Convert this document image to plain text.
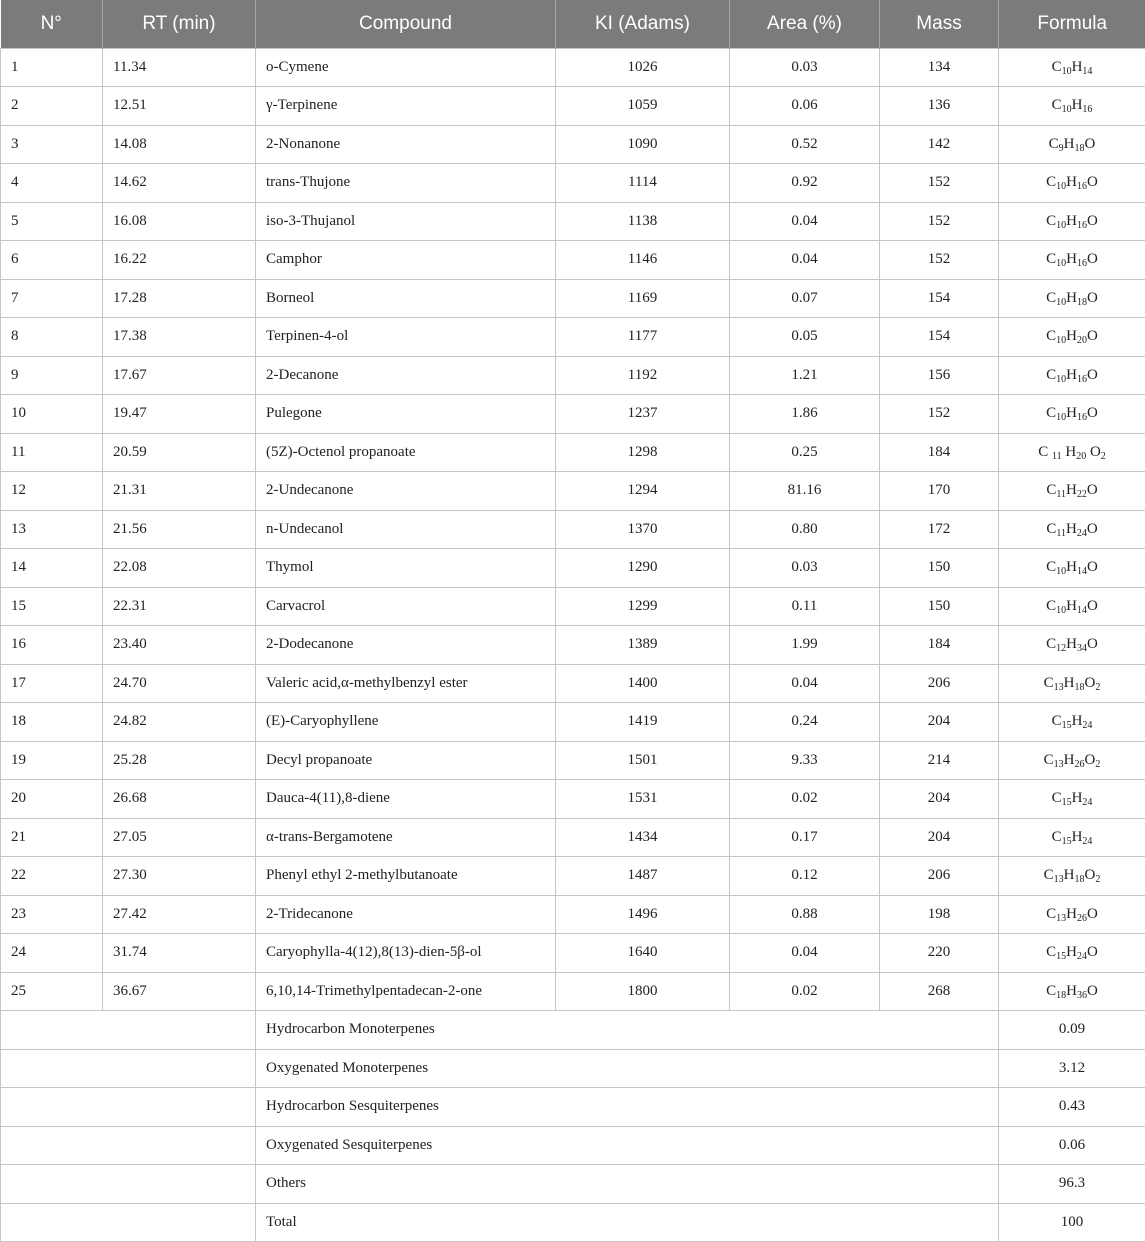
N°	RT (min)	Compound	KI (Adams)	Area (%)	Mass	Formula
1	11.34	o-Cymene	1026	0.03	134	$C_{10}H_{14}$
2	12.51	γ-Terpinene	1059	0.06	136	$C_{10}H_{16}$
3	14.08	2-Nonanone	1090	0.52	142	$C_9H_{18}O$
4	14.62	trans-Thujone	1114	0.92	152	$C_{10}H_{16}O$
5	16.08	iso-3-Thujanol	1138	0.04	152	$C_{10}H_{16}O$
6	16.22	Camphor	1146	0.04	152	$C_{10}H_{16}O$
7	17.28	Borneol	1169	0.07	154	$C_{10}H_{18}O$
8	17.38	Terpinen-4-ol	1177	0.05	154	$C_{10}H_{20}O$
9	17.67	2-Decanone	1192	1.21	156	$C_{10}H_{16}O$
10	19.47	Pulegone	1237	1.86	152	$C_{10}H_{16}O$
11	20.59	(5Z)-Octenol propanoate	1298	0.25	184	C $_{11}$ $H_{20}$ $O_2$
12	21.31	2-Undecanone	1294	81.16	170	$C_{11}H_{22}O$
13	21.56	n-Undecanol	1370	0.80	172	$C_{11}H_{24}O$
14	22.08	Thymol	1290	0.03	150	$C_{10}H_{14}O$
15	22.31	Carvacrol	1299	0.11	150	$C_{10}H_{14}O$
16	23.40	2-Dodecanone	1389	1.99	184	$C_{12}H_{34}O$
17	24.70	Valeric acid,α-methylbenzyl ester	1400	0.04	206	$C_{13}H_{18}O_2$
18	24.82	(E)-Caryophyllene	1419	0.24	204	$C_{15}H_{24}$
19	25.28	Decyl propanoate	1501	9.33	214	$C_{13}H_{26}O_2$
20	26.68	Dauca-4(11),8-diene	1531	0.02	204	$C_{15}H_{24}$
21	27.05	α-trans-Bergamotene	1434	0.17	204	$C_{15}H_{24}$
22	27.30	Phenyl ethyl 2-methylbutanoate	1487	0.12	206	$C_{13}H_{18}O_2$
23	27.42	2-Tridecanone	1496	0.88	198	$C_{13}H_{26}O$
24	31.74	Caryophylla-4(12),8(13)-dien-5β-ol	1640	0.04	220	$C_{15}H_{24}O$
25	36.67	6,10,14-Trimethylpentadecan-2-one	1800	0.02	268	$C_{18}H_{36}O$
		Hydrocarbon Monoterpenes				0.09
		Oxygenated Monoterpenes				3.12
		Hydrocarbon Sesquiterpenes				0.43
		Oxygenated Sesquiterpenes				0.06
		Others				96.3
		Total				100
